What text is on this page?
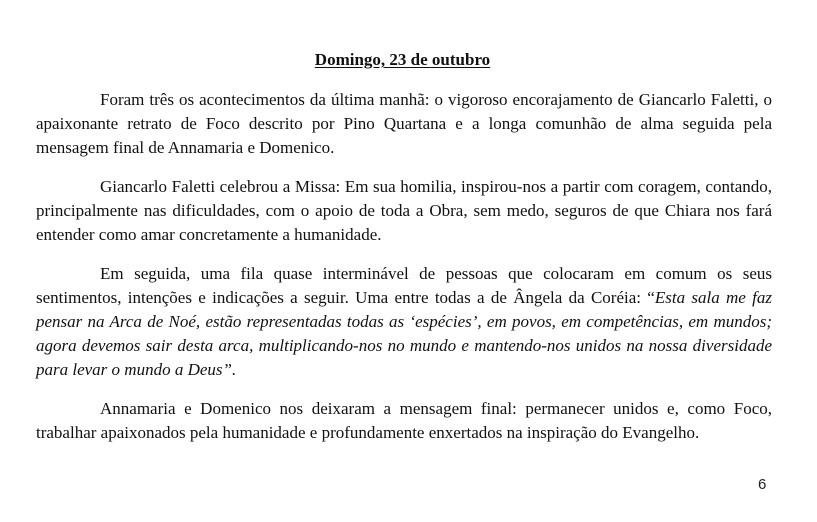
Domingo, 23 de outubro

Foram três os acontecimentos da última manhã: o vigoroso encorajamento de Giancarlo Faletti, o apaixonante retrato de Foco descrito por Pino Quartana e a longa comunhão de alma seguida pela mensagem final de Annamaria e Domenico.

Giancarlo Faletti celebrou a Missa: Em sua homilia, inspirou-nos a partir com coragem, contando, principalmente nas dificuldades, com o apoio de toda a Obra, sem medo, seguros de que Chiara nos fará entender como amar concretamente a humanidade.

Em seguida, uma fila quase interminável de pessoas que colocaram em comum os seus sentimentos, intenções e indicações a seguir. Uma entre todas a de Ângela da Coréia: “Esta sala me faz pensar na Arca de Noé, estão representadas todas as ‘espécies’, em povos, em competências, em mundos; agora devemos sair desta arca, multiplicando-nos no mundo e mantendo-nos unidos na nossa diversidade para levar o mundo a Deus”.

Annamaria e Domenico nos deixaram a mensagem final: permanecer unidos e, como Foco, trabalhar apaixonados pela humanidade e profundamente enxertados na inspiração do Evangelho.

6
